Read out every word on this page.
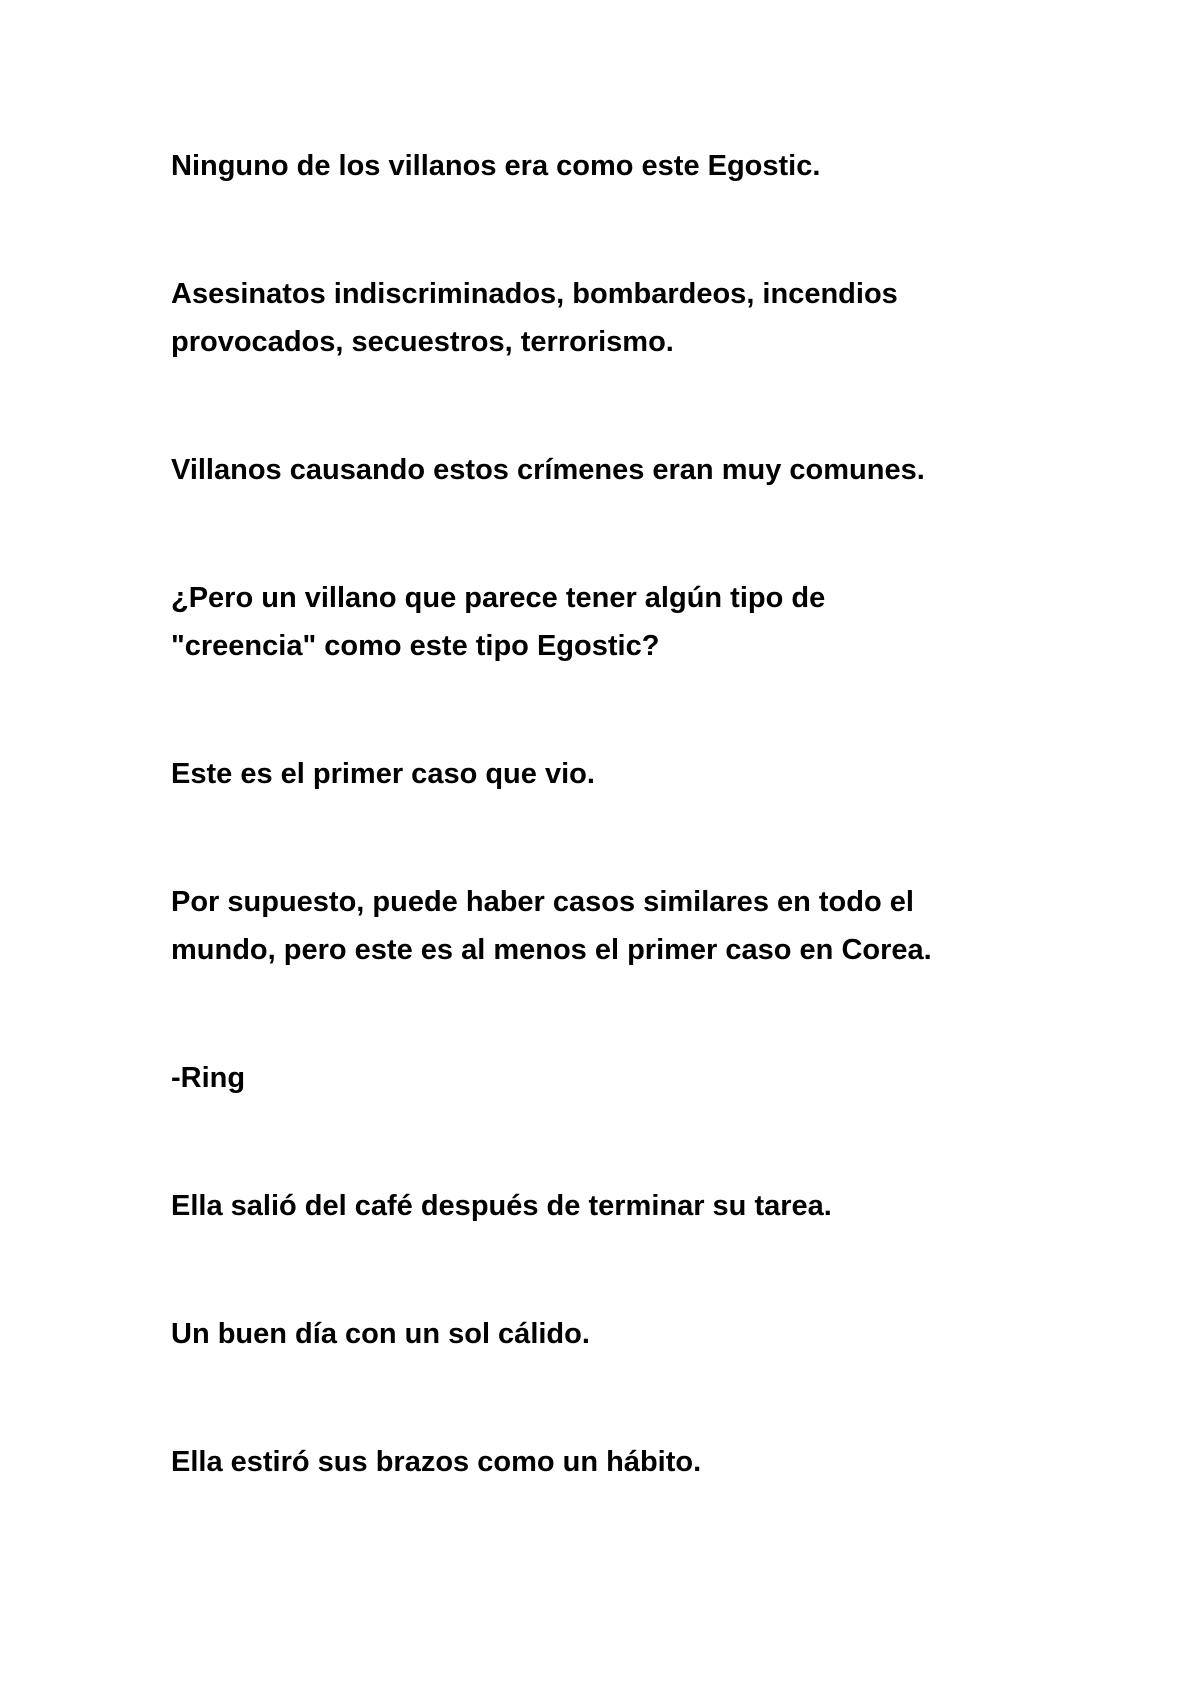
Ninguno de los villanos era como este Egostic.

Asesinatos indiscriminados, bombardeos, incendios
provocados, secuestros, terrorismo.

Villanos causando estos crímenes eran muy comunes.

¿Pero un villano que parece tener algún tipo de
"creencia" como este tipo Egostic?

Este es el primer caso que vio.

Por supuesto, puede haber casos similares en todo el
mundo, pero este es al menos el primer caso en Corea.

-Ring

Ella salió del café después de terminar su tarea.

Un buen día con un sol cálido.

Ella estiró sus brazos como un hábito.
